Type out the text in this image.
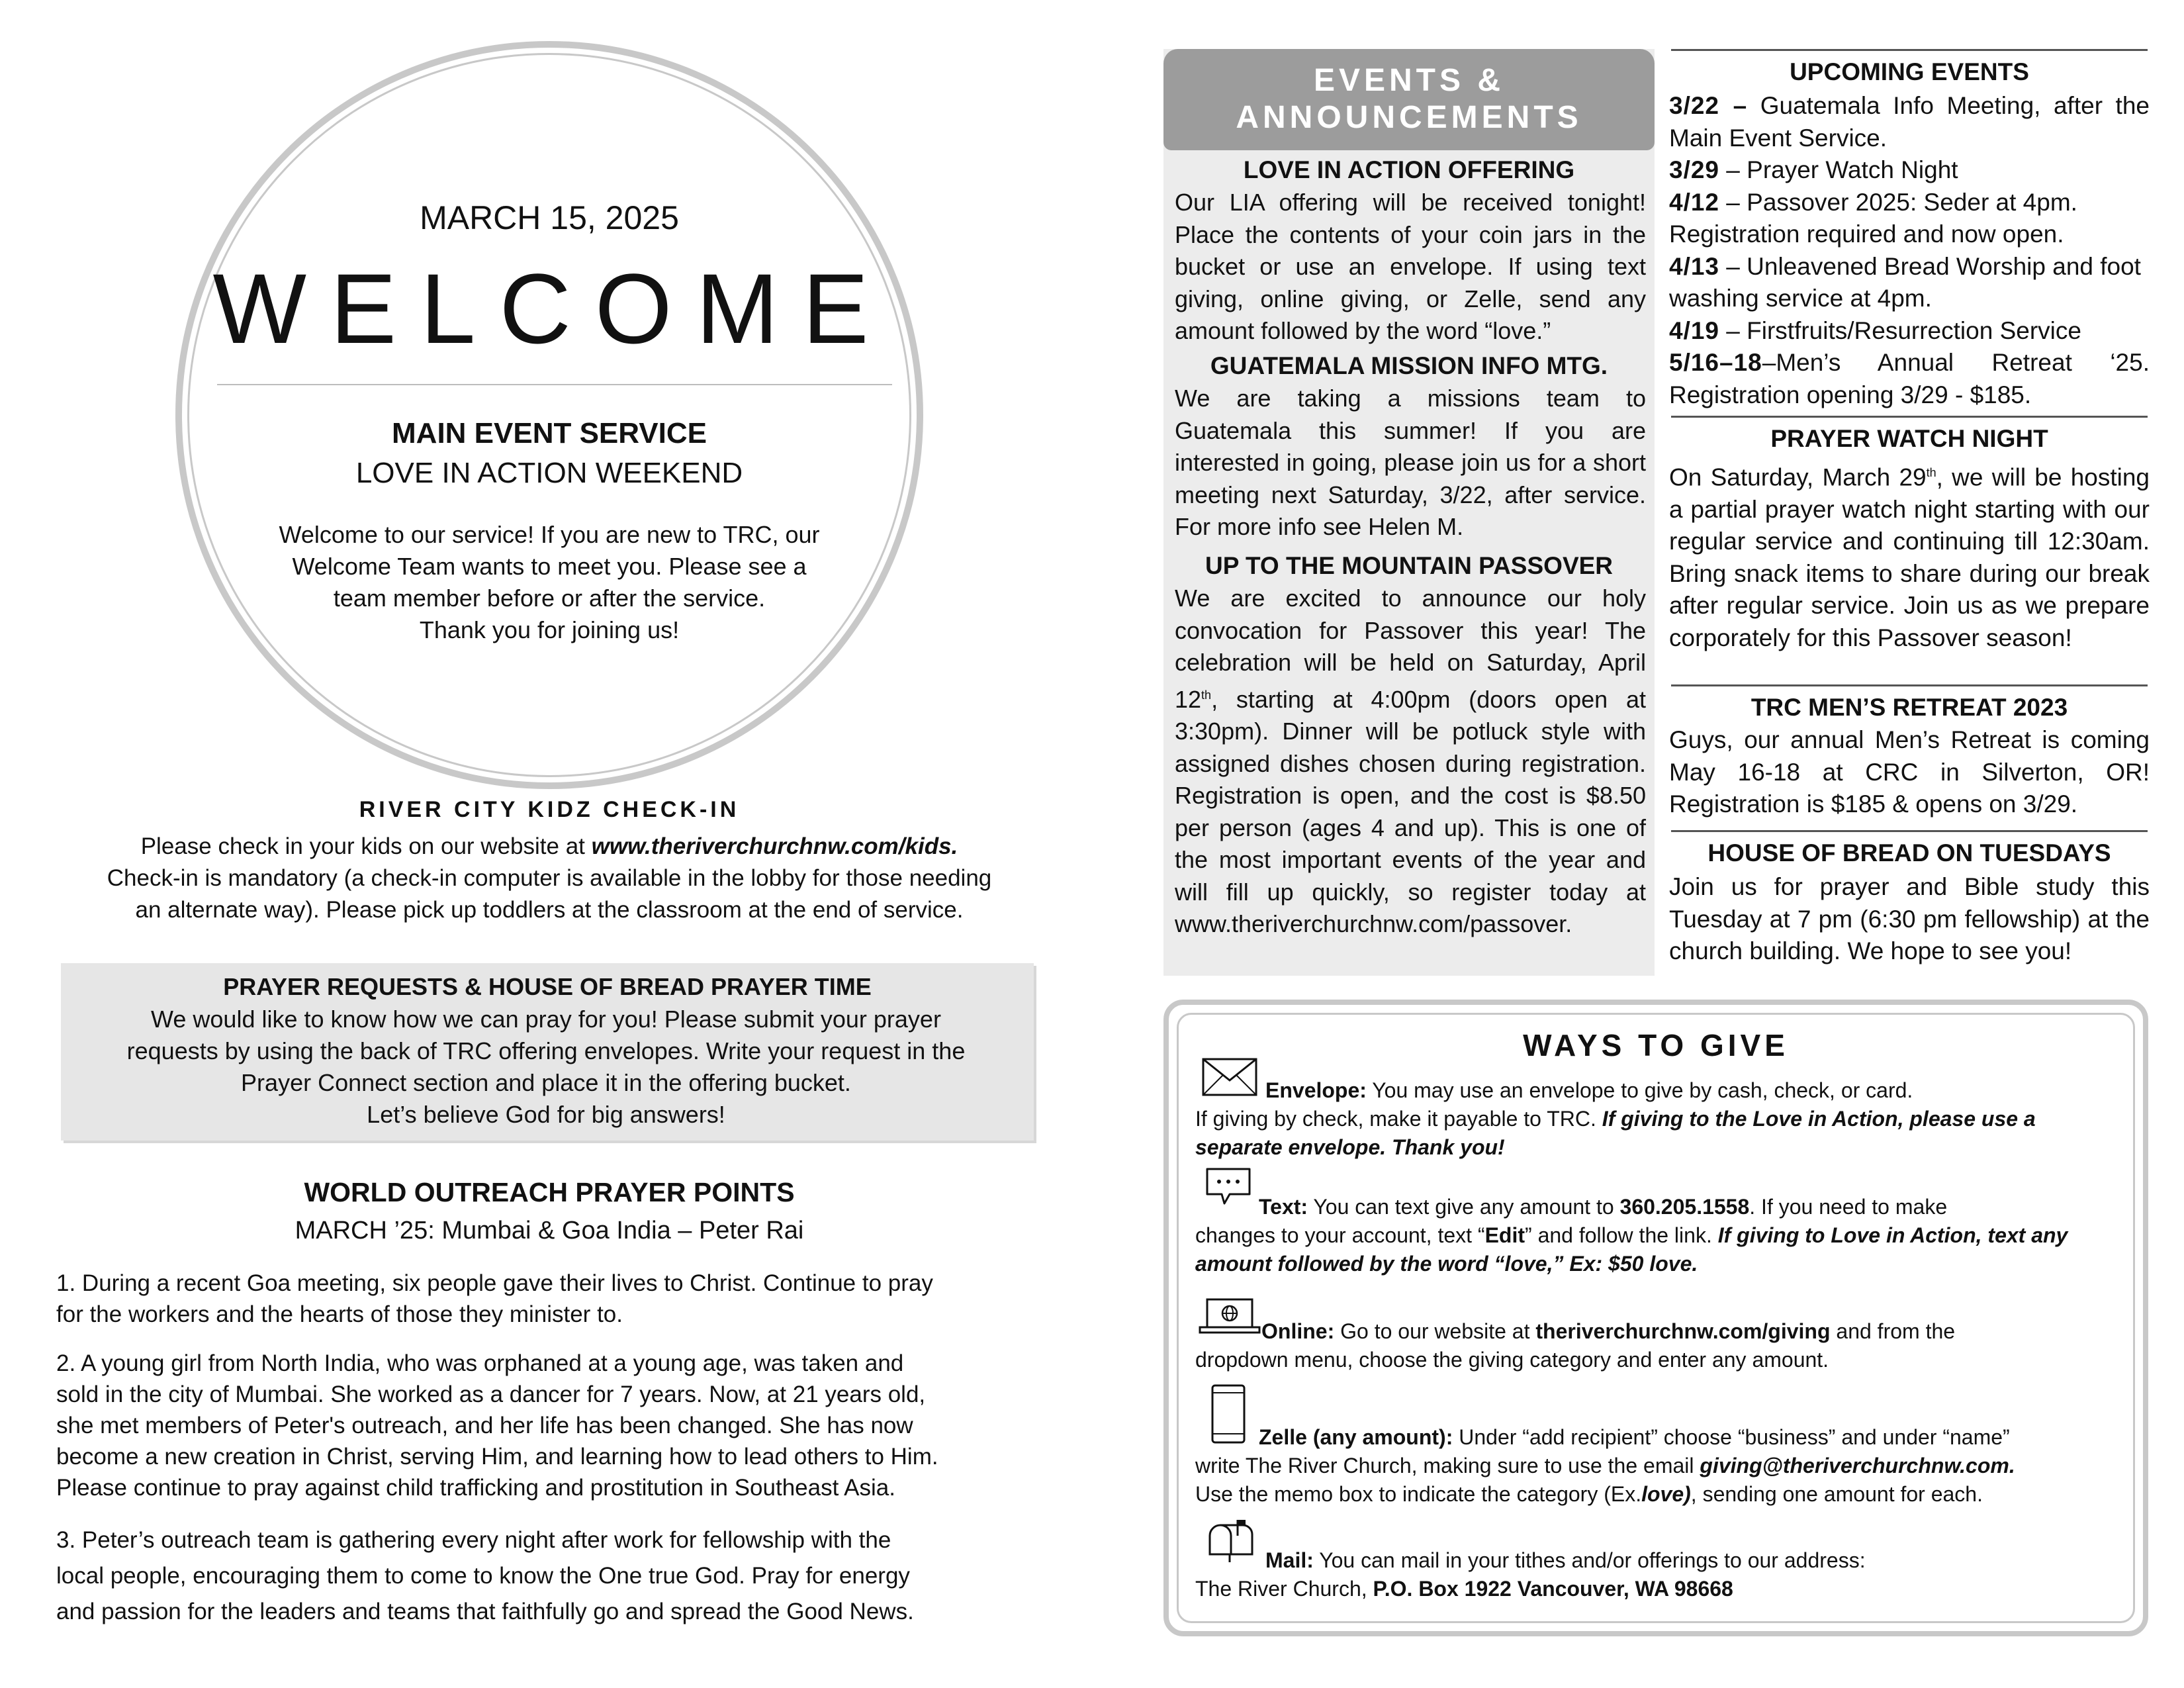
MARCH 15, 2025
WELCOME
MAIN EVENT SERVICE
LOVE IN ACTION WEEKEND
Welcome to our service! If you are new to TRC, our
Welcome Team wants to meet you. Please see a
team member before or after the service.
Thank you for joining us!
RIVER CITY KIDZ CHECK-IN
Please check in your kids on our website at www.theriverchurchnw.com/kids.
Check-in is mandatory (a check-in computer is available in the lobby for those needing
an alternate way). Please pick up toddlers at the classroom at the end of service.
PRAYER REQUESTS & HOUSE OF BREAD PRAYER TIME
We would like to know how we can pray for you! Please submit your prayer
requests by using the back of TRC offering envelopes. Write your request in the
Prayer Connect section and place it in the offering bucket.
Let’s believe God for big answers!
WORLD OUTREACH PRAYER POINTS
MARCH ’25: Mumbai & Goa India – Peter Rai
1. During a recent Goa meeting, six people gave their lives to Christ. Continue to pray
for the workers and the hearts of those they minister to.
2. A young girl from North India, who was orphaned at a young age, was taken and
sold in the city of Mumbai. She worked as a dancer for 7 years. Now, at 21 years old,
she met members of Peter's outreach, and her life has been changed. She has now
become a new creation in Christ, serving Him, and learning how to lead others to Him.
Please continue to pray against child trafficking and prostitution in Southeast Asia.
3. Peter’s outreach team is gathering every night after work for fellowship with the
local people, encouraging them to come to know the One true God. Pray for energy
and passion for the leaders and teams that faithfully go and spread the Good News.
EVENTS &
ANNOUNCEMENTS
LOVE IN ACTION OFFERING
Our LIA offering will be received tonight! Place the contents of your coin jars in the bucket or use an envelope. If using text giving, online giving, or Zelle, send any amount followed by the word “love.”
GUATEMALA MISSION INFO MTG.
We are taking a missions team to Guatemala this summer! If you are interested in going, please join us for a short meeting next Saturday, 3/22, after service. For more info see Helen M.
UP TO THE MOUNTAIN PASSOVER
We are excited to announce our holy convocation for Passover this year! The celebration will be held on Saturday, April 12th, starting at 4:00pm (doors open at 3:30pm). Dinner will be potluck style with assigned dishes chosen during registration. Registration is open, and the cost is $8.50 per person (ages 4 and up). This is one of the most important events of the year and will fill up quickly, so register today at www.theriverchurchnw.com/passover.
UPCOMING EVENTS
3/22 – Guatemala Info Meeting, after the Main Event Service.
3/29 – Prayer Watch Night
4/12 – Passover 2025: Seder at 4pm. Registration required and now open.
4/13 – Unleavened Bread Worship and foot washing service at 4pm.
4/19 – Firstfruits/Resurrection Service
5/16–18–Men’s Annual Retreat ‘25. Registration opening 3/29 - $185.
PRAYER WATCH NIGHT
On Saturday, March 29th, we will be hosting a partial prayer watch night starting with our regular service and continuing till 12:30am. Bring snack items to share during our break after regular service. Join us as we prepare corporately for this Passover season!
TRC MEN’S RETREAT 2023
Guys, our annual Men’s Retreat is coming May 16-18 at CRC in Silverton, OR! Registration is $185 & opens on 3/29.
HOUSE OF BREAD ON TUESDAYS
Join us for prayer and Bible study this Tuesday at 7 pm (6:30 pm fellowship) at the church building. We hope to see you!
WAYS TO GIVE
Envelope: You may use an envelope to give by cash, check, or card.
If giving by check, make it payable to TRC. If giving to the Love in Action, please use a separate envelope. Thank you!
Text: You can text give any amount to 360.205.1558. If you need to make
changes to your account, text “Edit” and follow the link. If giving to Love in Action, text any amount followed by the word “love,” Ex: $50 love.
Online: Go to our website at theriverchurchnw.com/giving and from the
dropdown menu, choose the giving category and enter any amount.
Zelle (any amount): Under “add recipient” choose “business” and under “name”
write The River Church, making sure to use the email giving@theriverchurchnw.com.
Use the memo box to indicate the category (Ex.love), sending one amount for each.
Mail: You can mail in your tithes and/or offerings to our address:
The River Church, P.O. Box 1922 Vancouver, WA 98668
